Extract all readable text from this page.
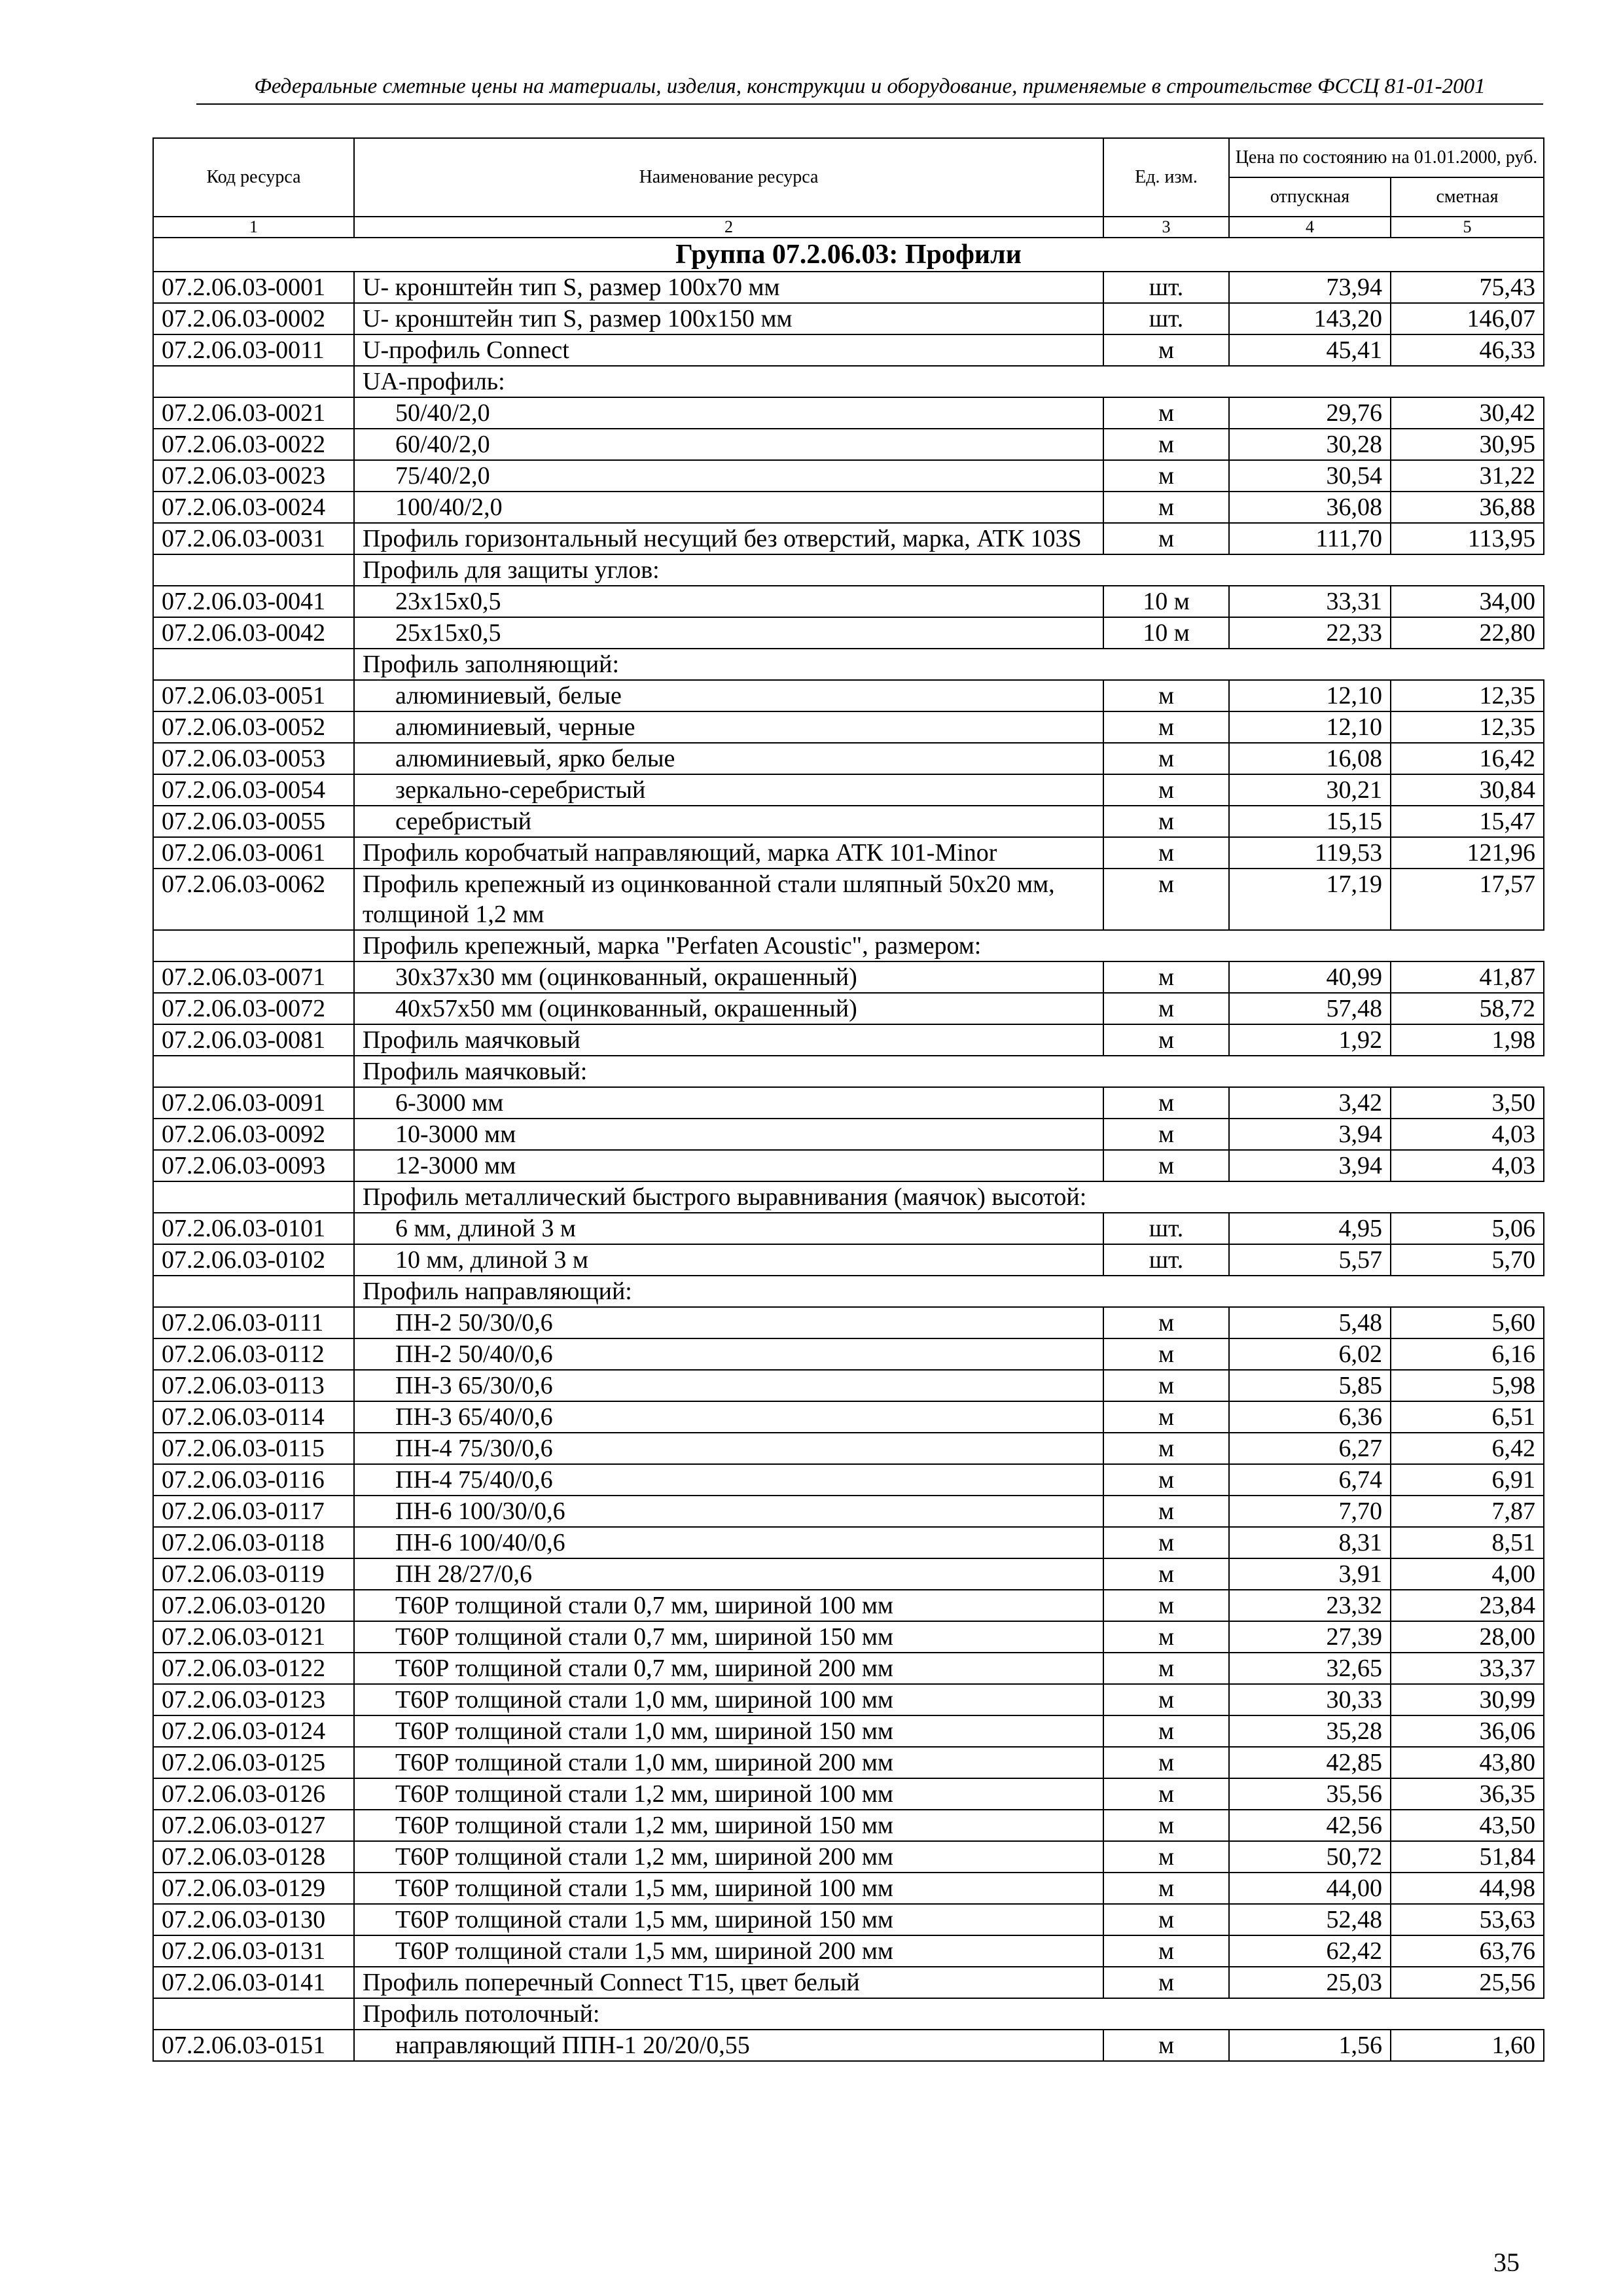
Федеральные сметные цены на материалы, изделия, конструкции и оборудование, применяемые в строительстве ФССЦ 81-01-2001
Код ресурса	Наименование ресурса	Ед. изм.	Цена по состоянию на 01.01.2000, руб.	
			отпускная	сметная
1	2	3	4	5
Группа 07.2.06.03: Профили				
07.2.06.03-0001	U- кронштейн тип S, размер 100х70 мм	шт.	73,94	75,43
07.2.06.03-0002	U- кронштейн тип S, размер 100х150 мм	шт.	143,20	146,07
07.2.06.03-0011	U-профиль Connect	м	45,41	46,33
	UA-профиль:			
07.2.06.03-0021	50/40/2,0	м	29,76	30,42
07.2.06.03-0022	60/40/2,0	м	30,28	30,95
07.2.06.03-0023	75/40/2,0	м	30,54	31,22
07.2.06.03-0024	100/40/2,0	м	36,08	36,88
07.2.06.03-0031	Профиль горизонтальный несущий без отверстий, марка, АТК 103S	м	111,70	113,95
	Профиль для защиты углов:			
07.2.06.03-0041	23х15х0,5	10 м	33,31	34,00
07.2.06.03-0042	25х15х0,5	10 м	22,33	22,80
	Профиль заполняющий:			
07.2.06.03-0051	алюминиевый, белые	м	12,10	12,35
07.2.06.03-0052	алюминиевый, черные	м	12,10	12,35
07.2.06.03-0053	алюминиевый, ярко белые	м	16,08	16,42
07.2.06.03-0054	зеркально-серебристый	м	30,21	30,84
07.2.06.03-0055	серебристый	м	15,15	15,47
07.2.06.03-0061	Профиль коробчатый направляющий, марка АТК 101-Minor	м	119,53	121,96
07.2.06.03-0062	Профиль крепежный из оцинкованной стали шляпный 50х20 мм, толщиной 1,2 мм	м	17,19	17,57
	Профиль крепежный, марка "Perfaten Acoustic", размером:			
07.2.06.03-0071	30х37х30 мм (оцинкованный, окрашенный)	м	40,99	41,87
07.2.06.03-0072	40х57х50 мм (оцинкованный, окрашенный)	м	57,48	58,72
07.2.06.03-0081	Профиль маячковый	м	1,92	1,98
	Профиль маячковый:			
07.2.06.03-0091	6-3000 мм	м	3,42	3,50
07.2.06.03-0092	10-3000 мм	м	3,94	4,03
07.2.06.03-0093	12-3000 мм	м	3,94	4,03
	Профиль металлический быстрого выравнивания (маячок) высотой:			
07.2.06.03-0101	6 мм, длиной 3 м	шт.	4,95	5,06
07.2.06.03-0102	10 мм, длиной 3 м	шт.	5,57	5,70
	Профиль направляющий:			
07.2.06.03-0111	ПН-2 50/30/0,6	м	5,48	5,60
07.2.06.03-0112	ПН-2 50/40/0,6	м	6,02	6,16
07.2.06.03-0113	ПН-3 65/30/0,6	м	5,85	5,98
07.2.06.03-0114	ПН-3 65/40/0,6	м	6,36	6,51
07.2.06.03-0115	ПН-4 75/30/0,6	м	6,27	6,42
07.2.06.03-0116	ПН-4 75/40/0,6	м	6,74	6,91
07.2.06.03-0117	ПН-6 100/30/0,6	м	7,70	7,87
07.2.06.03-0118	ПН-6 100/40/0,6	м	8,31	8,51
07.2.06.03-0119	ПН 28/27/0,6	м	3,91	4,00
07.2.06.03-0120	Т60Р толщиной стали 0,7 мм, шириной 100 мм	м	23,32	23,84
07.2.06.03-0121	Т60Р толщиной стали 0,7 мм, шириной 150 мм	м	27,39	28,00
07.2.06.03-0122	Т60Р толщиной стали 0,7 мм, шириной 200 мм	м	32,65	33,37
07.2.06.03-0123	Т60Р толщиной стали 1,0 мм, шириной 100 мм	м	30,33	30,99
07.2.06.03-0124	Т60Р толщиной стали 1,0 мм, шириной 150 мм	м	35,28	36,06
07.2.06.03-0125	Т60Р толщиной стали 1,0 мм, шириной 200 мм	м	42,85	43,80
07.2.06.03-0126	Т60Р толщиной стали 1,2 мм, шириной 100 мм	м	35,56	36,35
07.2.06.03-0127	Т60Р толщиной стали 1,2 мм, шириной 150 мм	м	42,56	43,50
07.2.06.03-0128	Т60Р толщиной стали 1,2 мм, шириной 200 мм	м	50,72	51,84
07.2.06.03-0129	Т60Р толщиной стали 1,5 мм, шириной 100 мм	м	44,00	44,98
07.2.06.03-0130	Т60Р толщиной стали 1,5 мм, шириной 150 мм	м	52,48	53,63
07.2.06.03-0131	Т60Р толщиной стали 1,5 мм, шириной 200 мм	м	62,42	63,76
07.2.06.03-0141	Профиль поперечный Connect T15, цвет белый	м	25,03	25,56
	Профиль потолочный:			
07.2.06.03-0151	направляющий ППН-1 20/20/0,55	м	1,56	1,60
35
